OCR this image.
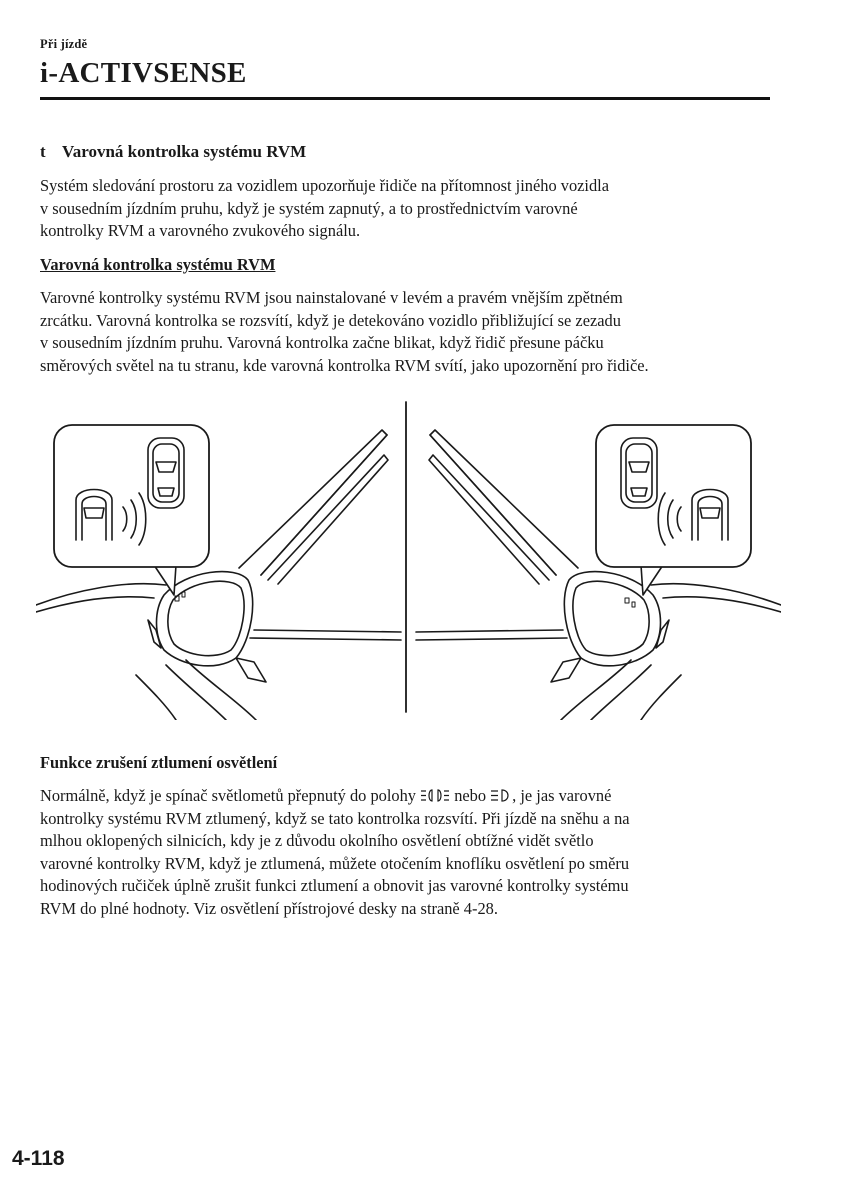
Při jízdě
i-ACTIVSENSE
t Varovná kontrolka systému RVM
Systém sledování prostoru za vozidlem upozorňuje řidiče na přítomnost jiného vozidla
v sousedním jízdním pruhu, když je systém zapnutý, a to prostřednictvím varovné
kontrolky RVM a varovného zvukového signálu.
Varovná kontrolka systému RVM
Varovné kontrolky systému RVM jsou nainstalované v levém a pravém vnějším zpětném
zrcátku. Varovná kontrolka se rozsvítí, když je detekováno vozidlo přibližující se zezadu
v sousedním jízdním pruhu. Varovná kontrolka začne blikat, když řidič přesune páčku
směrových světel na tu stranu, kde varovná kontrolka RVM svítí, jako upozornění pro řidiče.
Funkce zrušení ztlumení osvětlení
Normálně, když je spínač světlometů přepnutý do polohy  nebo , je jas varovné
kontrolky systému RVM ztlumený, když se tato kontrolka rozsvítí. Při jízdě na sněhu a na
mlhou oklopených silnicích, kdy je z důvodu okolního osvětlení obtížné vidět světlo
varovné kontrolky RVM, když je ztlumená, můžete otočením knoflíku osvětlení po směru
hodinových ručiček úplně zrušit funkci ztlumení a obnovit jas varovné kontrolky systému
RVM do plné hodnoty. Viz osvětlení přístrojové desky na straně 4-28.
4-118
